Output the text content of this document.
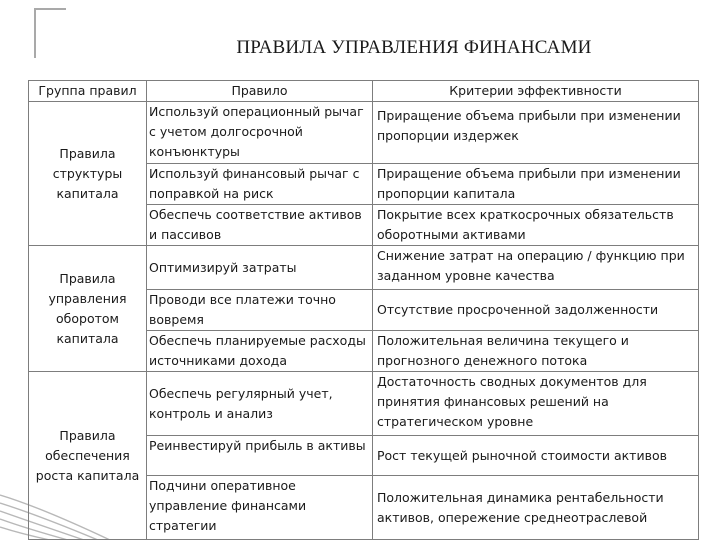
ПРАВИЛА УПРАВЛЕНИЯ ФИНАНСАМИ
Группа правил	Правило	Критерии эффективности
Правила структуры капитала	Используй операционный рычаг с учетом долгосрочной конъюнктуры	Приращение объема прибыли при изменении пропорции издержек
	Используй финансовый рычаг с поправкой на риск	Приращение объема прибыли при изменении пропорции капитала
	Обеспечь соответствие активов и пассивов	Покрытие всех краткосрочных обязательств оборотными активами
Правила управления оборотом капитала	Оптимизируй затраты	Снижение затрат на операцию / функцию при заданном уровне качества
	Проводи все платежи точно вовремя	Отсутствие просроченной задолженности
	Обеспечь планируемые расходы источниками дохода	Положительная величина текущего и прогнозного денежного потока
Правила обеспечения роста капитала	Обеспечь регулярный учет, контроль и анализ	Достаточность сводных документов для принятия финансовых решений на стратегическом уровне
	Реинвестируй прибыль в активы	Рост текущей рыночной стоимости активов
	Подчини оперативное управление финансами стратегии	Положительная динамика рентабельности активов, опережение среднеотраслевой
